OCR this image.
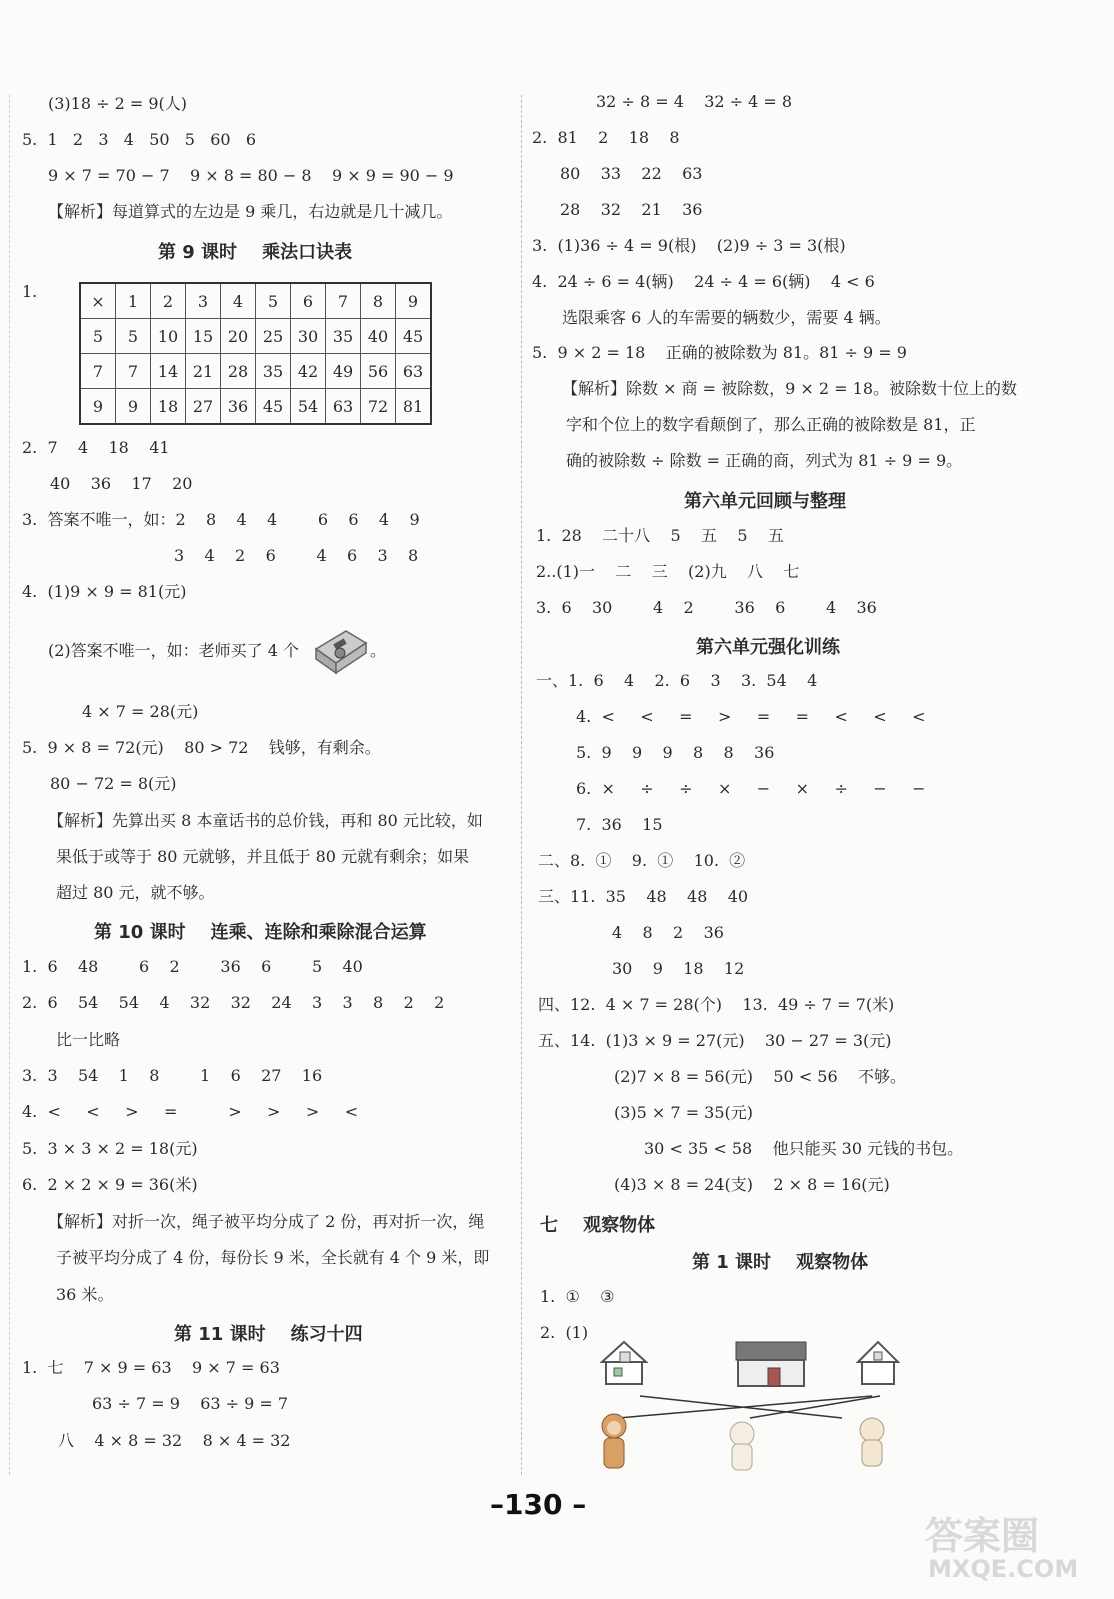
(3)18 ÷ 2 = 9(人)
5.  1   2   3   4   50   5   60   6
9 × 7 = 70 − 7    9 × 8 = 80 − 8    9 × 9 = 90 − 9
【解析】每道算式的左边是 9 乘几，右边就是几十减几。
第 9 课时    乘法口诀表
1.	×	1	2	3	4	5	6	7	8	9
5	5	10	15	20	25	30	35	40	45
7	7	14	21	28	35	42	49	56	63
9	9	18	27	36	45	54	63	72	81
2.  7    4    18    41
40    36    17    20
3.  答案不唯一，如：2    8    4    4        6    6    4    9
3    4    2    6        4    6    3    8
4.  (1)9 × 9 = 81(元)
(2)答案不唯一，如：老师买了 4 个	。
4 × 7 = 28(元)
5.  9 × 8 = 72(元)    80 > 72    钱够，有剩余。
80 − 72 = 8(元)
【解析】先算出买 8 本童话书的总价钱，再和 80 元比较，如
果低于或等于 80 元就够，并且低于 80 元就有剩余；如果
超过 80 元，就不够。
第 10 课时    连乘、连除和乘除混合运算
1.  6    48        6    2        36    6        5    40
2.  6    54    54    4    32    32    24    3    3    8    2    2
比一比略
3.  3    54    1    8        1    6    27    16
4.  <     <     >     =          >     >     >     <
5.  3 × 3 × 2 = 18(元)
6.  2 × 2 × 9 = 36(米)
【解析】对折一次，绳子被平均分成了 2 份，再对折一次，绳
子被平均分成了 4 份，每份长 9 米，全长就有 4 个 9 米，即
36 米。
第 11 课时    练习十四
1.  七    7 × 9 = 63    9 × 7 = 63
63 ÷ 7 = 9    63 ÷ 9 = 7
八    4 × 8 = 32    8 × 4 = 32
32 ÷ 8 = 4    32 ÷ 4 = 8
2.  81    2    18    8
80    33    22    63
28    32    21    36
3.  (1)36 ÷ 4 = 9(根)    (2)9 ÷ 3 = 3(根)
4.  24 ÷ 6 = 4(辆)    24 ÷ 4 = 6(辆)    4 < 6
选限乘客 6 人的车需要的辆数少，需要 4 辆。
5.  9 × 2 = 18    正确的被除数为 81。81 ÷ 9 = 9
【解析】除数 × 商 = 被除数，9 × 2 = 18。被除数十位上的数
字和个位上的数字看颠倒了，那么正确的被除数是 81，正
确的被除数 ÷ 除数 = 正确的商，列式为 81 ÷ 9 = 9。
第六单元回顾与整理
1.  28    二十八    5    五    5    五
2..(1)一    二    三    (2)九    八    七
3.  6    30        4    2        36    6        4    36
第六单元强化训练
一、1.  6    4    2.  6    3    3.  54    4
4.  <     <     =     >     =     =     <     <     <
5.  9    9    9    8    8    36
6.  ×     ÷     ÷     ×     −     ×     ÷     −     −
7.  36    15
二、8.  ①    9.  ①    10.  ②
三、11.  35    48    48    40
4    8    2    36
30    9    18    12
四、12.  4 × 7 = 28(个)    13.  49 ÷ 7 = 7(米)
五、14.  (1)3 × 9 = 27(元)    30 − 27 = 3(元)
(2)7 × 8 = 56(元)    50 < 56    不够。
(3)5 × 7 = 35(元)
30 < 35 < 58    他只能买 30 元钱的书包。
(4)3 × 8 = 24(支)    2 × 8 = 16(元)
七    观察物体
第 1 课时    观察物体
1.  ①    ③
2.  (1)
–130 –
答案圈
MXQE.COM
